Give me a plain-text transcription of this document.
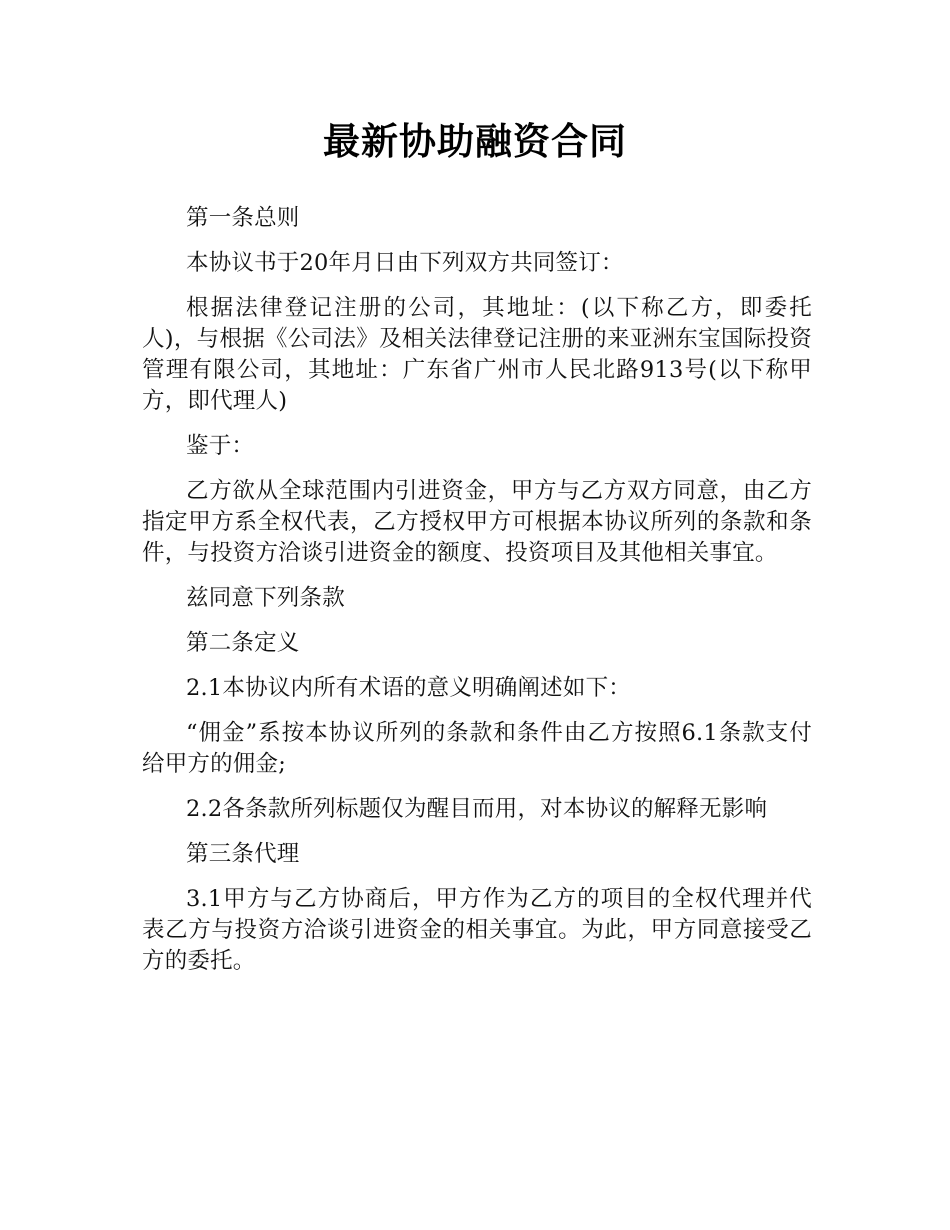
最新协助融资合同

第一条总则

本协议书于20年月日由下列双方共同签订：

根据法律登记注册的公司，其地址：(以下称乙方，即委托人)，与根据《公司法》及相关法律登记注册的来亚洲东宝国际投资管理有限公司，其地址：广东省广州市人民北路913号(以下称甲方，即代理人)

鉴于：

乙方欲从全球范围内引进资金，甲方与乙方双方同意，由乙方指定甲方系全权代表，乙方授权甲方可根据本协议所列的条款和条件，与投资方洽谈引进资金的额度、投资项目及其他相关事宜。

兹同意下列条款

第二条定义

2.1本协议内所有术语的意义明确阐述如下：

“佣金”系按本协议所列的条款和条件由乙方按照6.1条款支付给甲方的佣金;

2.2各条款所列标题仅为醒目而用，对本协议的解释无影响

第三条代理

3.1甲方与乙方协商后，甲方作为乙方的项目的全权代理并代表乙方与投资方洽谈引进资金的相关事宜。为此，甲方同意接受乙方的委托。
